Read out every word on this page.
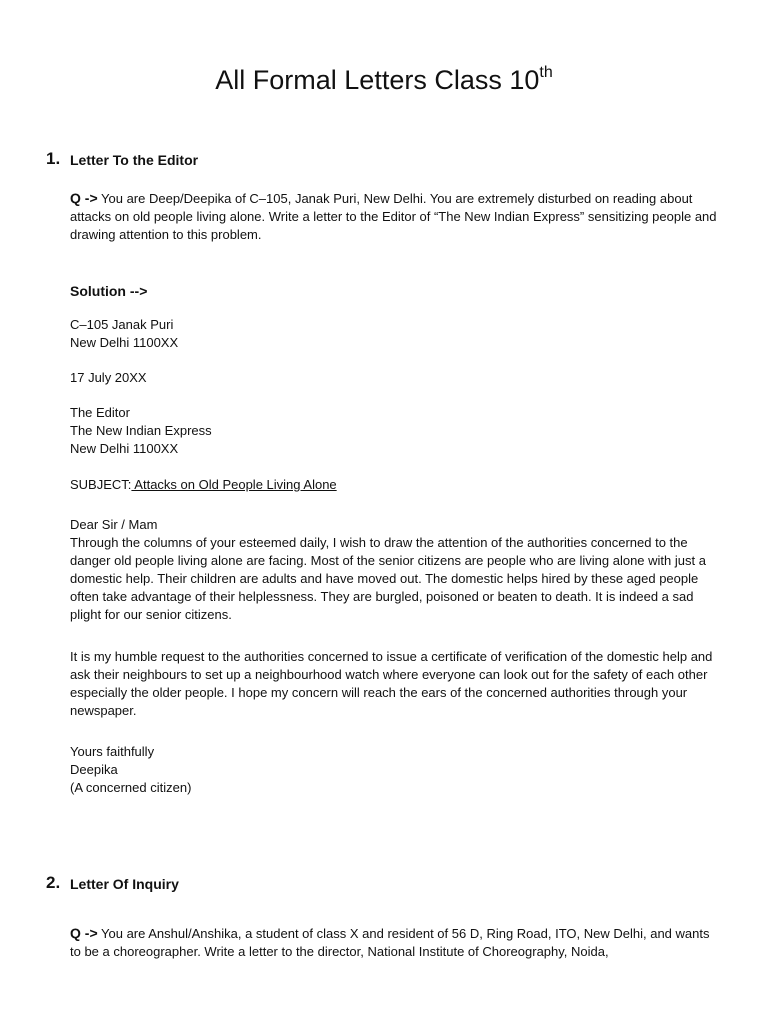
All Formal Letters Class 10th
1. Letter To the Editor

Q -> You are Deep/Deepika of C–105, Janak Puri, New Delhi. You are extremely disturbed on reading about attacks on old people living alone. Write a letter to the Editor of “The New Indian Express” sensitizing people and drawing attention to this problem.

Solution -->
C–105 Janak Puri
New Delhi 1100XX
17 July 20XX
The Editor
The New Indian Express
New Delhi 1100XX
SUBJECT: Attacks on Old People Living Alone
Dear Sir / Mam

Through the columns of your esteemed daily, I wish to draw the attention of the authorities concerned to the danger old people living alone are facing. Most of the senior citizens are people who are living alone with just a domestic help. Their children are adults and have moved out. The domestic helps hired by these aged people often take advantage of their helplessness. They are burgled, poisoned or beaten to death. It is indeed a sad plight for our senior citizens.

It is my humble request to the authorities concerned to issue a certificate of verification of the domestic help and ask their neighbours to set up a neighbourhood watch where everyone can look out for the safety of each other especially the older people. I hope my concern will reach the ears of the concerned authorities through your newspaper.

Yours faithfully
Deepika
(A concerned citizen)
2. Letter Of Inquiry

Q -> You are Anshul/Anshika, a student of class X and resident of 56 D, Ring Road, ITO, New Delhi, and wants to be a choreographer. Write a letter to the director, National Institute of Choreography, Noida,
